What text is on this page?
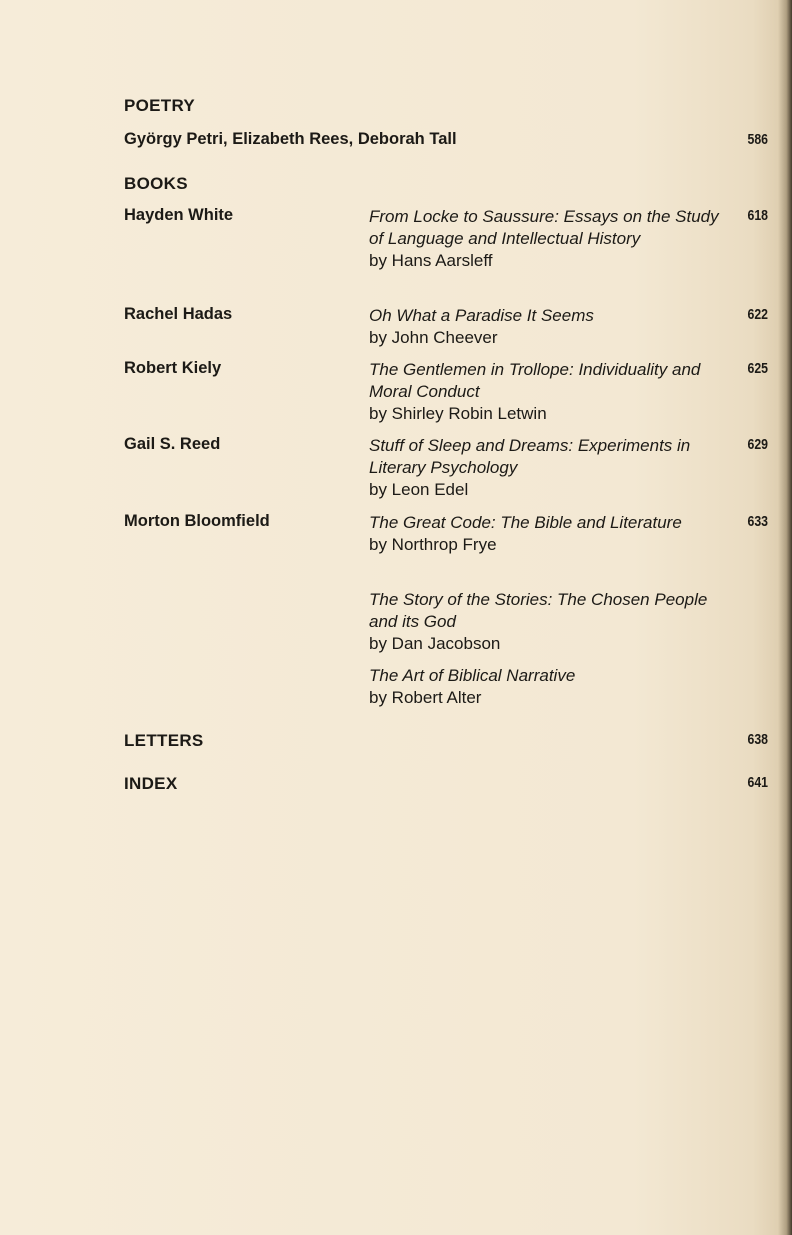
POETRY
György Petri, Elizabeth Rees, Deborah Tall	586
BOOKS
Hayden White	From Locke to Saussure: Essays on the Study of Language and Intellectual History
by Hans Aarsleff
618
Rachel Hadas	Oh What a Paradise It Seems
by John Cheever
622
Robert Kiely	The Gentlemen in Trollope: Individuality and Moral Conduct
by Shirley Robin Letwin
625
Gail S. Reed	Stuff of Sleep and Dreams: Experiments in Literary Psychology
by Leon Edel
629
Morton Bloomfield	The Great Code: The Bible and Literature
by Northrop Frye
633
The Story of the Stories: The Chosen People and its God
by Dan Jacobson
The Art of Biblical Narrative
by Robert Alter
LETTERS	638
INDEX	641
